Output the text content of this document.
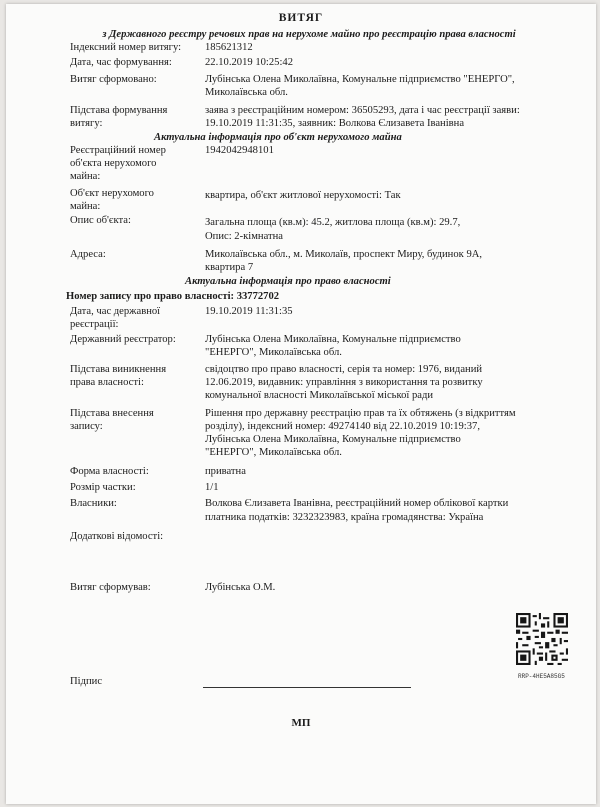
ВИТЯГ
з Державного реєстру речових прав на нерухоме майно про реєстрацію права власності
Індексний номер витягу: 185621312
Дата, час формування:	22.10.2019 10:25:42
Витяг сформовано:	Лубінська Олена Миколаївна, Комунальне підприємство "ЕНЕРГО",
Миколаївська обл.
Підстава формування
витягу:
заява з реєстраційним номером: 36505293, дата і час реєстрації заяви:
19.10.2019 11:31:35, заявник: Волкова Єлизавета Іванівна
Актуальна інформація про об'єкт нерухомого майна
Реєстраційний номер
об'єкта нерухомого
майна:
1942042948101
Об'єкт нерухомого
майна:
квартира, об'єкт житлової нерухомості: Так
Опис об'єкта:	Загальна площа (кв.м): 45.2, житлова площа (кв.м): 29.7,
Опис: 2-кімнатна
Адреса:	Миколаївська обл., м. Миколаїв, проспект Миру, будинок 9А,
квартира 7
Актуальна інформація про право власності
Номер запису про право власності: 33772702
Дата, час державної
реєстрації:
19.10.2019 11:31:35
Державний реєстратор:	Лубінська Олена Миколаївна, Комунальне підприємство
"ЕНЕРГО", Миколаївська обл.
Підстава виникнення
права власності:
свідоцтво про право власності, серія та номер: 1976, виданий
12.06.2019, видавник: управління з використання та розвитку
комунальної власності Миколаївської міської ради
Підстава внесення
запису:
Рішення про державну реєстрацію прав та їх обтяжень (з відкриттям
розділу), індексний номер: 49274140 від 22.10.2019 10:19:37,
Лубінська Олена Миколаївна, Комунальне підприємство
"ЕНЕРГО", Миколаївська обл.
Форма власності:	приватна
Розмір частки:	1/1
Власники:	Волкова Єлизавета Іванівна, реєстраційний номер облікової картки
платника податків: 3232323983, країна громадянства: Україна
Додаткові відомості:
Витяг сформував:	Лубінська О.М.
Підпис	RRP-4HE5A85G5
МП
